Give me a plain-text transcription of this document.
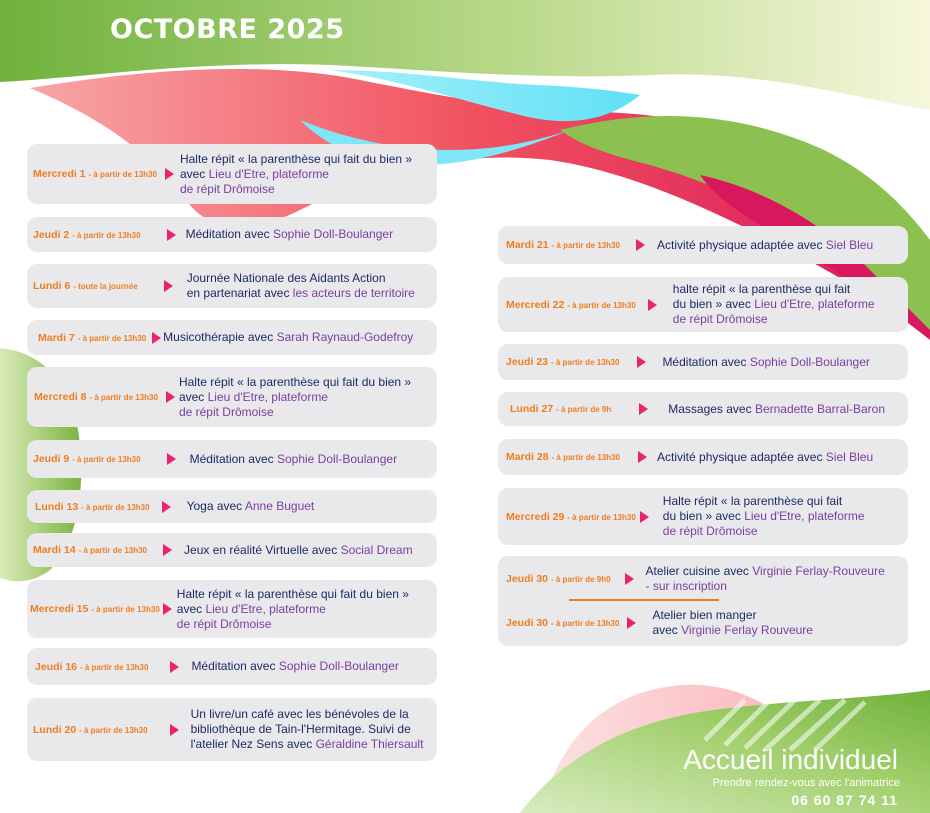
OCTOBRE 2025
Mercredi 1 - à partir de 13h30
Halte répit « la parenthèse qui fait du bien »
avec Lieu d'Etre, plateforme
de répit Drômoise
Jeudi 2 - à partir de 13h30	Méditation avec Sophie Doll-Boulanger
Lundi 6 - toute la journée
Journée Nationale des Aidants Action
en partenariat avec les acteurs de territoire
Mardi 7 - à partir de 13h30 Musicothérapie avec Sarah Raynaud-Godefroy
Mercredi 8 - à partir de 13h30
Halte répit « la parenthèse qui fait du bien »
avec Lieu d'Etre, plateforme
de répit Drômoise
Jeudi 9 - à partir de 13h30	Méditation avec Sophie Doll-Boulanger
Lundi 13 - à partir de 13h30	Yoga avec Anne Buguet
Mardi 14 - à partir de 13h30	Jeux en réalité Virtuelle avec Social Dream
Mercredi 15 - à partir de 13h30
Halte répit « la parenthèse qui fait du bien »
avec Lieu d'Etre, plateforme
de répit Drômoise
Jeudi 16 - à partir de 13h30	Méditation avec Sophie Doll-Boulanger
Lundi 20 - à partir de 13h30
Un livre/un café avec les bénévoles de la
bibliothèque de Tain-l'Hermitage. Suivi de
l'atelier Nez Sens avec Géraldine Thiersault
Mardi 21 - à partir de 13h30	Activité physique adaptée avec Siel Bleu
Mercredi 22 - à partir de 13h30
halte répit « la parenthèse qui fait
du bien » avec Lieu d'Etre, plateforme
de répit Drômoise
Jeudi 23 - à partir de 13h30	Méditation avec Sophie Doll-Boulanger
Lundi 27 - à partir de 9h	Massages avec Bernadette Barral-Baron
Mardi 28 - à partir de 13h30	Activité physique adaptée avec Siel Bleu
Mercredi 29 - à partir de 13h30
Halte répit « la parenthèse qui fait
du bien » avec Lieu d'Etre, plateforme
de répit Drômoise
Jeudi 30 - à partir de 9h0
Atelier cuisine avec Virginie Ferlay-Rouveure
- sur inscription
Jeudi 30 - à partir de 13h30
Atelier bien manger
avec Virginie Ferlay Rouveure
Accueil individuel
Prendre rendez-vous avec l'animatrice
06 60 87 74 11
